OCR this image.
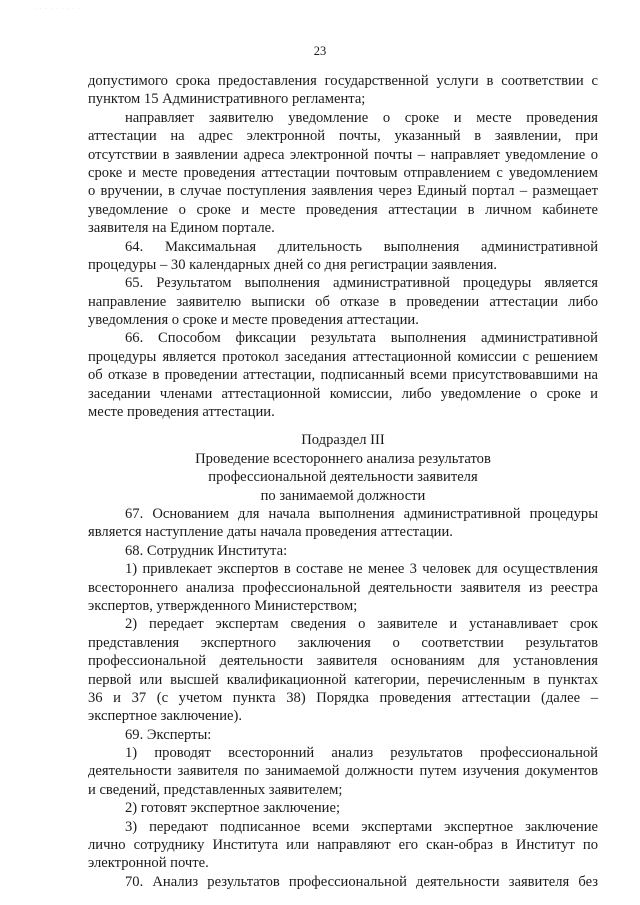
· · · · · · · · ·
23
допустимого срока предоставления государственной услуги в соответствии с
пунктом 15 Административного регламента;
направляет заявителю уведомление о сроке и месте проведения
аттестации на адрес электронной почты, указанный в заявлении, при
отсутствии в заявлении адреса электронной почты – направляет уведомление о
сроке и месте проведения аттестации почтовым отправлением с уведомлением
о вручении, в случае поступления заявления через Единый портал – размещает
уведомление о сроке и месте проведения аттестации в личном кабинете
заявителя на Едином портале.
64. Максимальная длительность выполнения административной
процедуры – 30 календарных дней со дня регистрации заявления.
65. Результатом выполнения административной процедуры является
направление заявителю выписки об отказе в проведении аттестации либо
уведомления о сроке и месте проведения аттестации.
66. Способом фиксации результата выполнения административной
процедуры является протокол заседания аттестационной комиссии с решением
об отказе в проведении аттестации, подписанный всеми присутствовавшими на
заседании членами аттестационной комиссии, либо уведомление о сроке и
месте проведения аттестации.
Подраздел III
Проведение всестороннего анализа результатов
профессиональной деятельности заявителя
по занимаемой должности
67. Основанием для начала выполнения административной процедуры
является наступление даты начала проведения аттестации.
68. Сотрудник Института:
1) привлекает экспертов в составе не менее 3 человек для осуществления
всестороннего анализа профессиональной деятельности заявителя из реестра
экспертов, утвержденного Министерством;
2) передает экспертам сведения о заявителе и устанавливает срок
представления экспертного заключения о соответствии результатов
профессиональной деятельности заявителя основаниям для установления
первой или высшей квалификационной категории, перечисленным в пунктах
36 и 37 (с учетом пункта 38) Порядка проведения аттестации (далее –
экспертное заключение).
69. Эксперты:
1) проводят всесторонний анализ результатов профессиональной
деятельности заявителя по занимаемой должности путем изучения документов
и сведений, представленных заявителем;
2) готовят экспертное заключение;
3) передают подписанное всеми экспертами экспертное заключение
лично сотруднику Института или направляют его скан-образ в Институт по
электронной почте.
70. Анализ результатов профессиональной деятельности заявителя без
